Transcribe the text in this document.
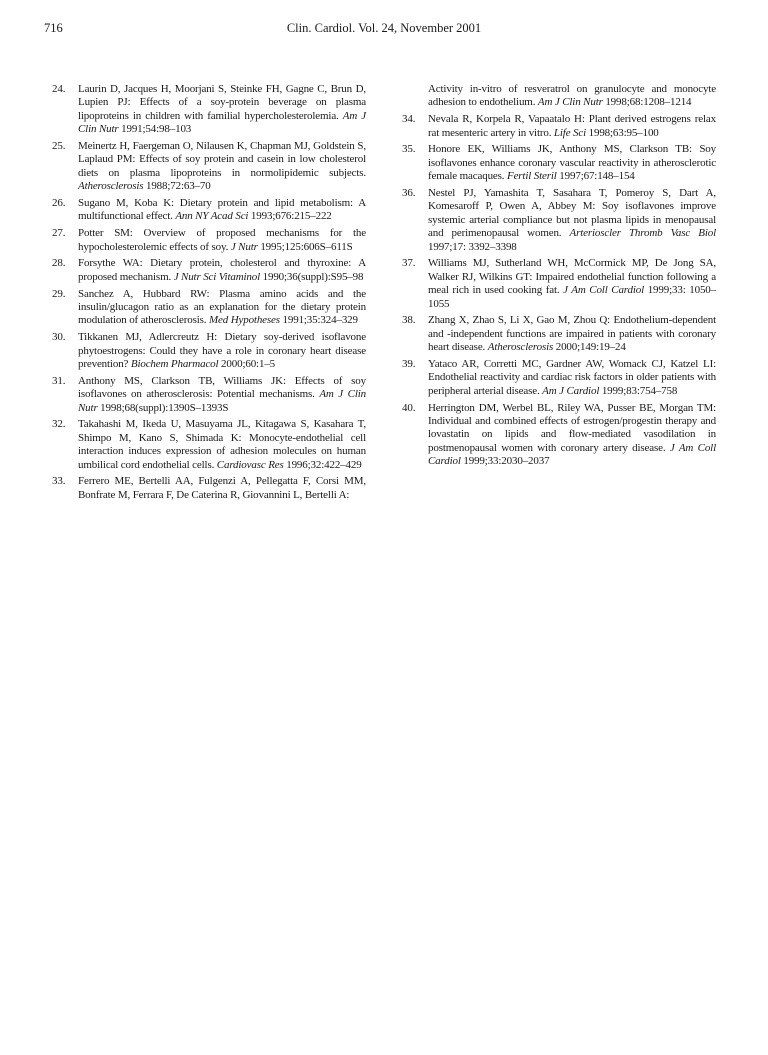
716	Clin. Cardiol. Vol. 24, November 2001
24.	Laurin D, Jacques H, Moorjani S, Steinke FH, Gagne C, Brun D, Lupien PJ: Effects of a soy-protein beverage on plasma lipoproteins in children with familial hypercholesterolemia. Am J Clin Nutr 1991;54:98–103
25.	Meinertz H, Faergeman O, Nilausen K, Chapman MJ, Goldstein S, Laplaud PM: Effects of soy protein and casein in low cholesterol diets on plasma lipoproteins in normolipidemic subjects. Atherosclerosis 1988;72:63–70
26.	Sugano M, Koba K: Dietary protein and lipid metabolism: A multifunctional effect. Ann NY Acad Sci 1993;676:215–222
27.	Potter SM: Overview of proposed mechanisms for the hypocholesterolemic effects of soy. J Nutr 1995;125:606S–611S
28.	Forsythe WA: Dietary protein, cholesterol and thyroxine: A proposed mechanism. J Nutr Sci Vitaminol 1990;36(suppl):S95–98
29.	Sanchez A, Hubbard RW: Plasma amino acids and the insulin/glucagon ratio as an explanation for the dietary protein modulation of atherosclerosis. Med Hypotheses 1991;35:324–329
30.	Tikkanen MJ, Adlercreutz H: Dietary soy-derived isoflavone phytoestrogens: Could they have a role in coronary heart disease prevention? Biochem Pharmacol 2000;60:1–5
31.	Anthony MS, Clarkson TB, Williams JK: Effects of soy isoflavones on atherosclerosis: Potential mechanisms. Am J Clin Nutr 1998;68(suppl):1390S–1393S
32.	Takahashi M, Ikeda U, Masuyama JL, Kitagawa S, Kasahara T, Shimpo M, Kano S, Shimada K: Monocyte-endothelial cell interaction induces expression of adhesion molecules on human umbilical cord endothelial cells. Cardiovasc Res 1996;32:422–429
33.	Ferrero ME, Bertelli AA, Fulgenzi A, Pellegatta F, Corsi MM, Bonfrate M, Ferrara F, De Caterina R, Giovannini L, Bertelli A:
Activity in-vitro of resveratrol on granulocyte and monocyte adhesion to endothelium. Am J Clin Nutr 1998;68:1208–1214
34.	Nevala R, Korpela R, Vapaatalo H: Plant derived estrogens relax rat mesenteric artery in vitro. Life Sci 1998;63:95–100
35.	Honore EK, Williams JK, Anthony MS, Clarkson TB: Soy isoflavones enhance coronary vascular reactivity in atherosclerotic female macaques. Fertil Steril 1997;67:148–154
36.	Nestel PJ, Yamashita T, Sasahara T, Pomeroy S, Dart A, Komesaroff P, Owen A, Abbey M: Soy isoflavones improve systemic arterial compliance but not plasma lipids in menopausal and perimenopausal women. Arterioscler Thromb Vasc Biol 1997;17: 3392–3398
37.	Williams MJ, Sutherland WH, McCormick MP, De Jong SA, Walker RJ, Wilkins GT: Impaired endothelial function following a meal rich in used cooking fat. J Am Coll Cardiol 1999;33: 1050–1055
38.	Zhang X, Zhao S, Li X, Gao M, Zhou Q: Endothelium-dependent and -independent functions are impaired in patients with coronary heart disease. Atherosclerosis 2000;149:19–24
39.	Yataco AR, Corretti MC, Gardner AW, Womack CJ, Katzel LI: Endothelial reactivity and cardiac risk factors in older patients with peripheral arterial disease. Am J Cardiol 1999;83:754–758
40.	Herrington DM, Werbel BL, Riley WA, Pusser BE, Morgan TM: Individual and combined effects of estrogen/progestin therapy and lovastatin on lipids and flow-mediated vasodilation in postmenopausal women with coronary artery disease. J Am Coll Cardiol 1999;33:2030–2037
